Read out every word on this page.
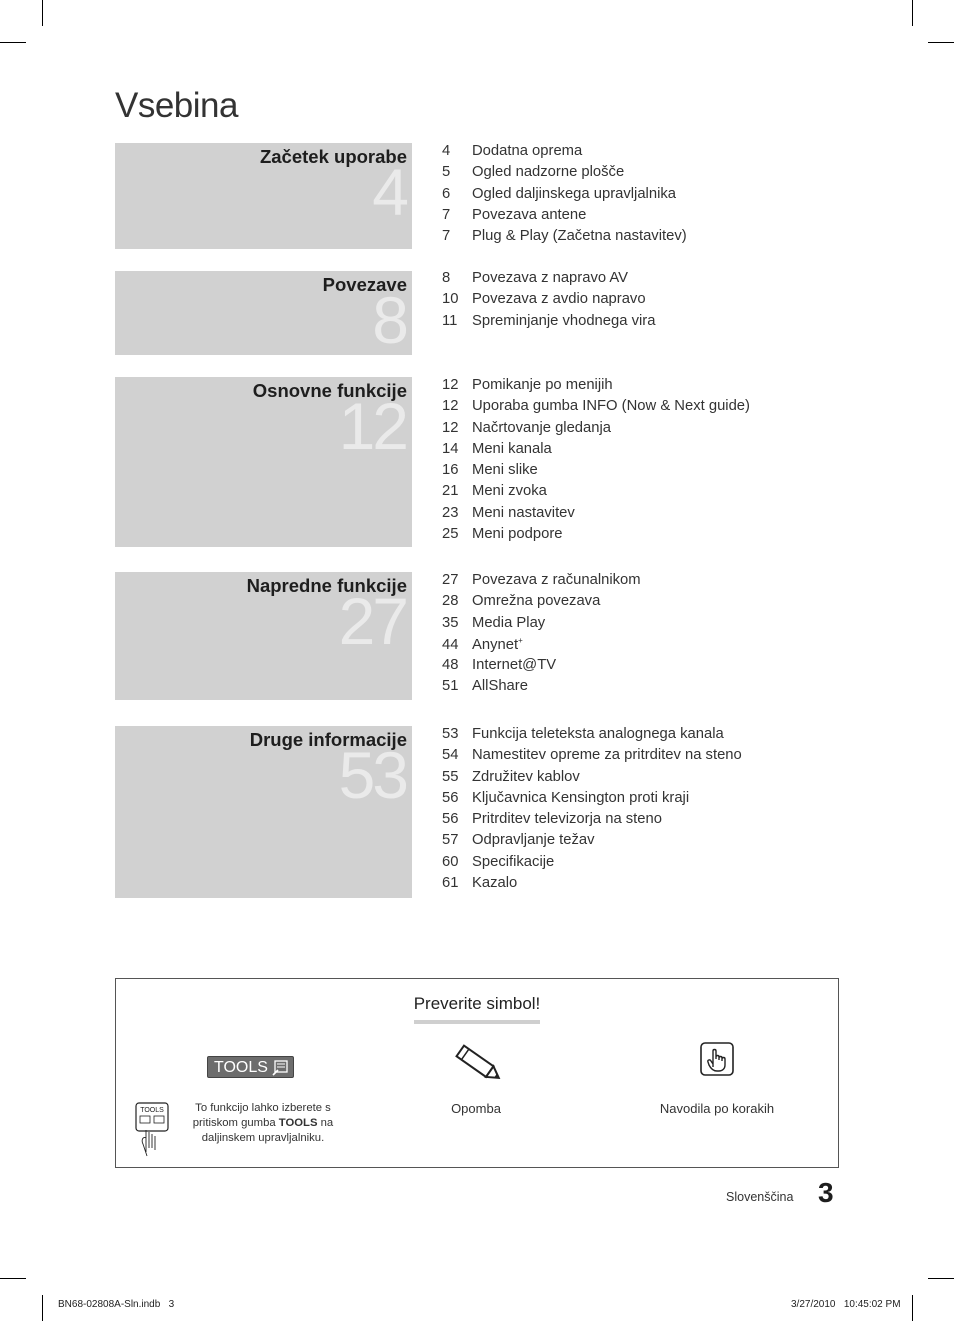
Vsebina
4
Začetek uporabe 4 Dodatna oprema
5 Ogled nadzorne plošče
6 Ogled daljinskega upravljalnika
7 Povezava antene
7 Plug & Play (Začetna nastavitev)
8
Povezave 8 Povezava z napravo AV
10 Povezava z avdio napravo
11 Spreminjanje vhodnega vira
12
Osnovne funkcije 12 Pomikanje po menijih
12 Uporaba gumba INFO (Now & Next guide)
12 Načrtovanje gledanja
14 Meni kanala
16 Meni slike
21 Meni zvoka
23 Meni nastavitev
25 Meni podpore
27
Napredne funkcije 27 Povezava z računalnikom
28 Omrežna povezava
35 Media Play
44 Anynet+
48 Internet@TV
51 AllShare
53
Druge informacije 53 Funkcija teleteksta analognega kanala
54 Namestitev opreme za pritrditev na steno
55 Združitev kablov
56 Ključavnica Kensington proti kraji
56 Pritrditev televizorja na steno
57 Odpravljanje težav
60 Specifikacije
61 Kazalo
Preverite simbol!
TOOLS
TOOLS	To funkcijo lahko izberete s pritiskom gumba TOOLS na daljinskem upravljalniku.
Opomba	Navodila po korakih
Slovenščina 3
BN68-02808A-Sln.indb   3	3/27/2010   10:45:02 PM
